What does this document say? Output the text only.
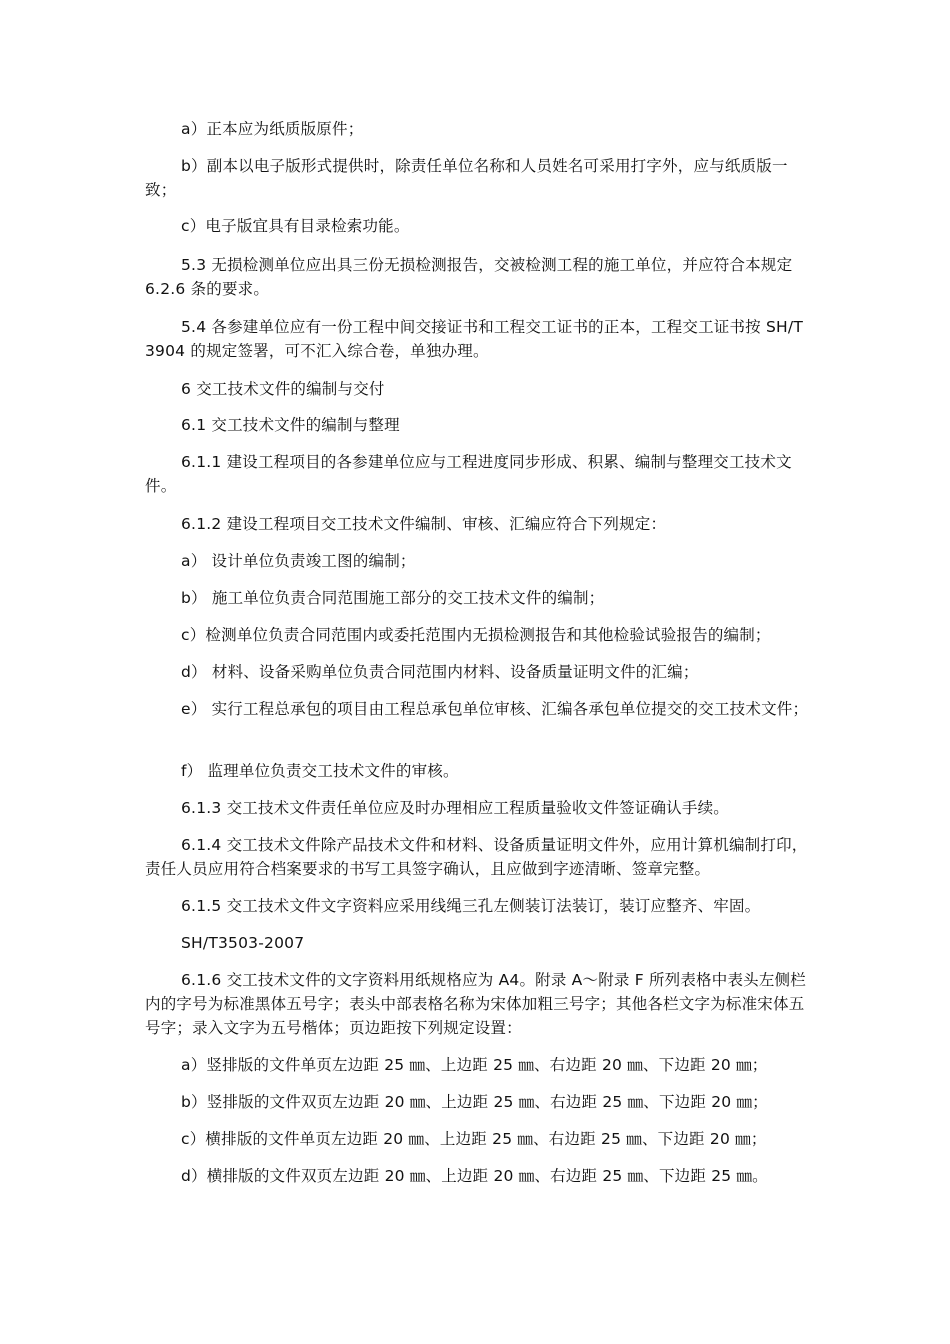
a）正本应为纸质版原件；

b）副本以电子版形式提供时，除责任单位名称和人员姓名可采用打字外，应与纸质版一致；

c）电子版宜具有目录检索功能。

5.3 无损检测单位应出具三份无损检测报告，交被检测工程的施工单位，并应符合本规定 6.2.6 条的要求。

5.4 各参建单位应有一份工程中间交接证书和工程交工证书的正本，工程交工证书按 SH/T 3904 的规定签署，可不汇入综合卷，单独办理。

6 交工技术文件的编制与交付

6.1 交工技术文件的编制与整理

6.1.1 建设工程项目的各参建单位应与工程进度同步形成、积累、编制与整理交工技术文件。

6.1.2 建设工程项目交工技术文件编制、审核、汇编应符合下列规定：

a） 设计单位负责竣工图的编制；

b） 施工单位负责合同范围施工部分的交工技术文件的编制；

c）检测单位负责合同范围内或委托范围内无损检测报告和其他检验试验报告的编制；

d） 材料、设备采购单位负责合同范围内材料、设备质量证明文件的汇编；

e） 实行工程总承包的项目由工程总承包单位审核、汇编各承包单位提交的交工技术文件；

f） 监理单位负责交工技术文件的审核。

6.1.3 交工技术文件责任单位应及时办理相应工程质量验收文件签证确认手续。

6.1.4 交工技术文件除产品技术文件和材料、设备质量证明文件外，应用计算机编制打印，责任人员应用符合档案要求的书写工具签字确认，且应做到字迹清晰、签章完整。

6.1.5 交工技术文件文字资料应采用线绳三孔左侧装订法装订，装订应整齐、牢固。

SH/T3503-2007

6.1.6 交工技术文件的文字资料用纸规格应为 A4。附录 A～附录 F 所列表格中表头左侧栏内的字号为标准黑体五号字；表头中部表格名称为宋体加粗三号字；其他各栏文字为标准宋体五号字；录入文字为五号楷体；页边距按下列规定设置：

a）竖排版的文件单页左边距 25 ㎜、上边距 25 ㎜、右边距 20 ㎜、下边距 20 ㎜；

b）竖排版的文件双页左边距 20 ㎜、上边距 25 ㎜、右边距 25 ㎜、下边距 20 ㎜；

c）横排版的文件单页左边距 20 ㎜、上边距 25 ㎜、右边距 25 ㎜、下边距 20 ㎜；

d）横排版的文件双页左边距 20 ㎜、上边距 20 ㎜、右边距 25 ㎜、下边距 25 ㎜。
